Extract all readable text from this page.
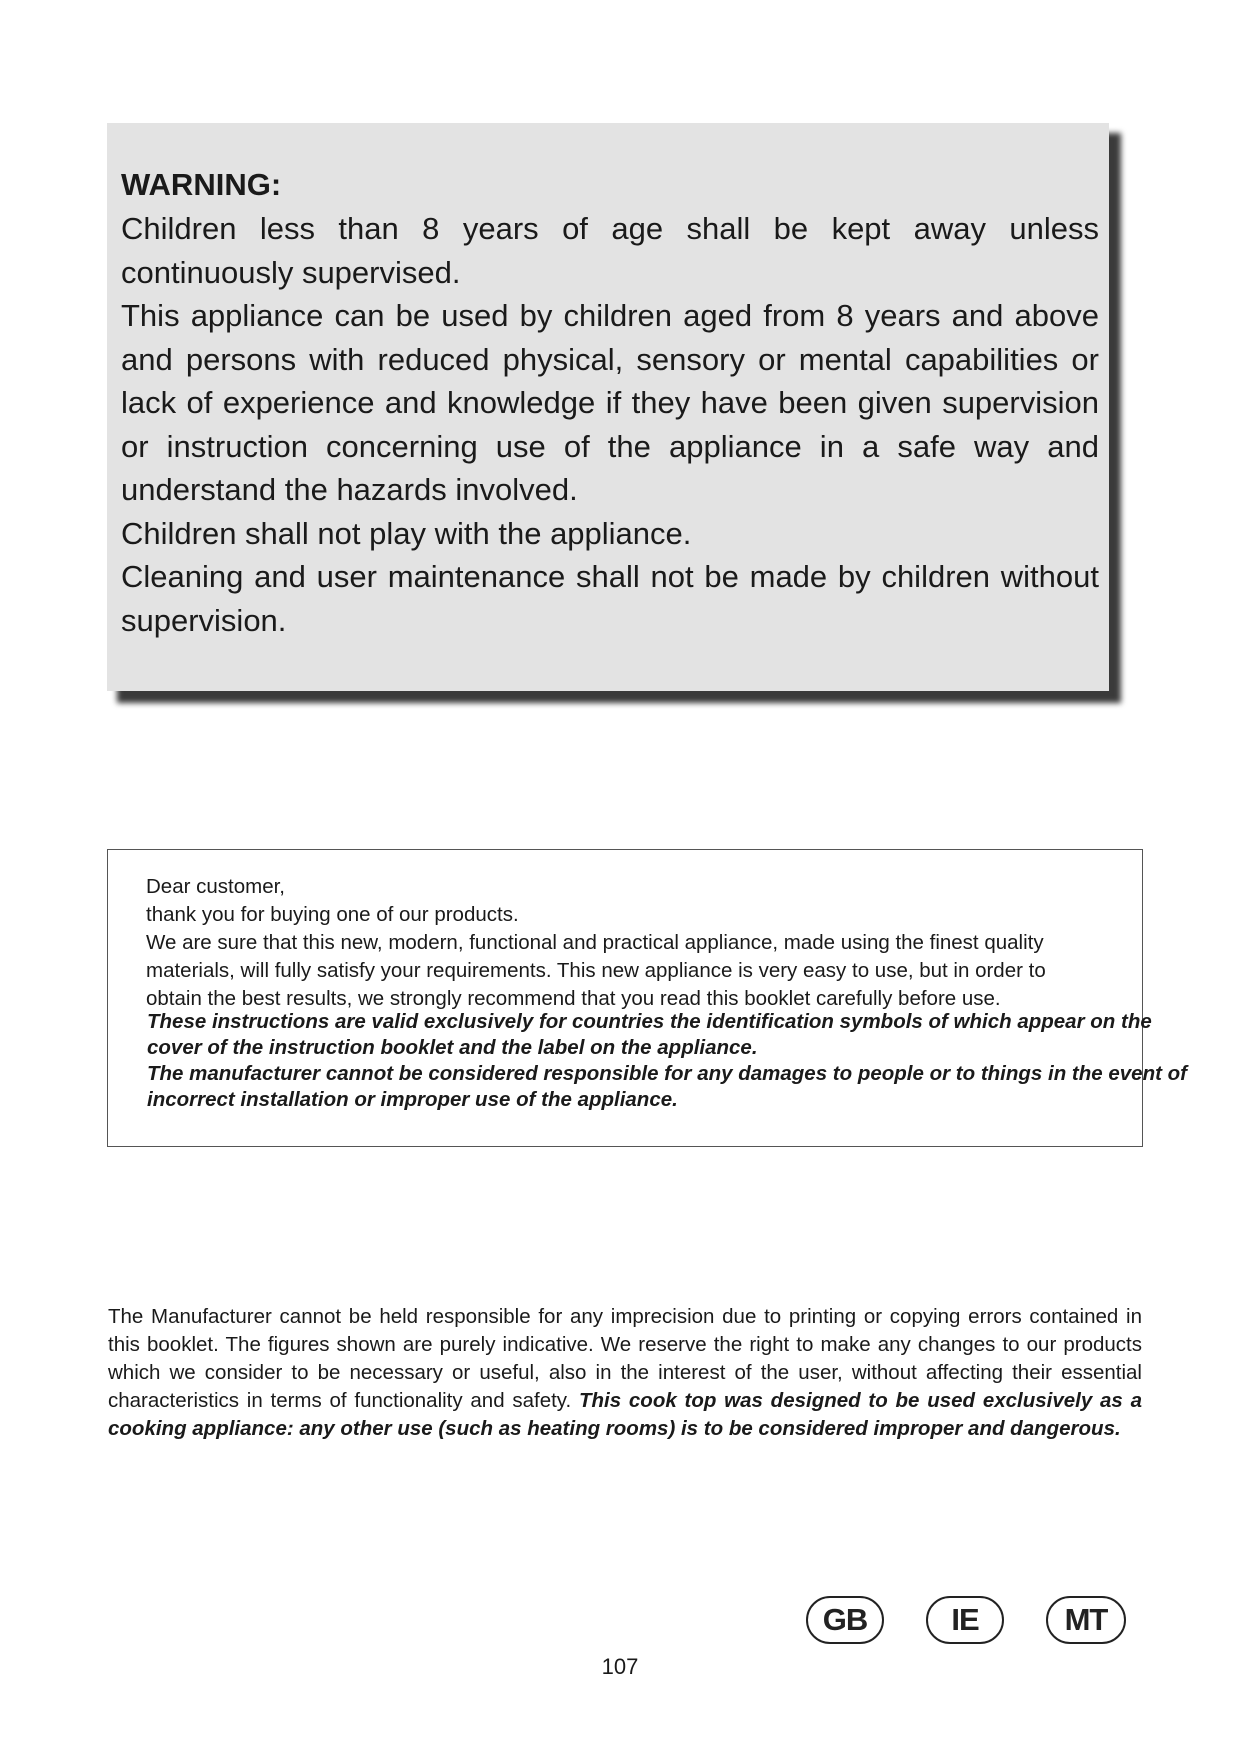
WARNING:

Children less than 8 years of age shall be kept away unless continuously supervised.

This appliance can be used by children aged from 8 years and above and persons with reduced physical, sensory or mental capabilities or lack of experience and knowledge if they have been given supervision or instruction concerning use of the appliance in a safe way and understand the hazards involved.

Children shall not play with the appliance.

Cleaning and user maintenance shall not be made by children without supervision.

Dear customer,

thank you for buying one of our products.

We are sure that this new, modern, functional and practical appliance, made using the finest quality materials, will fully satisfy your requirements. This new appliance is very easy to use, but in order to obtain the best results, we strongly recommend that you read this booklet carefully before use.

These instructions are valid exclusively for countries the identification symbols of which appear on the cover of the instruction booklet and the label on the appliance.

The manufacturer cannot be considered responsible for any damages to people or to things in the event of incorrect installation or improper use of the appliance.

The Manufacturer cannot be held responsible for any imprecision due to printing or copying errors contained in this booklet. The figures shown are purely indicative. We reserve the right to make any changes to our products which we consider to be necessary or useful, also in the interest of the user, without affecting their essential characteristics in terms of functionality and safety. This cook top was designed to be used exclusively as a cooking appliance: any other use (such as heating rooms) is to be considered improper and dangerous.

GB	IE	MT
107
